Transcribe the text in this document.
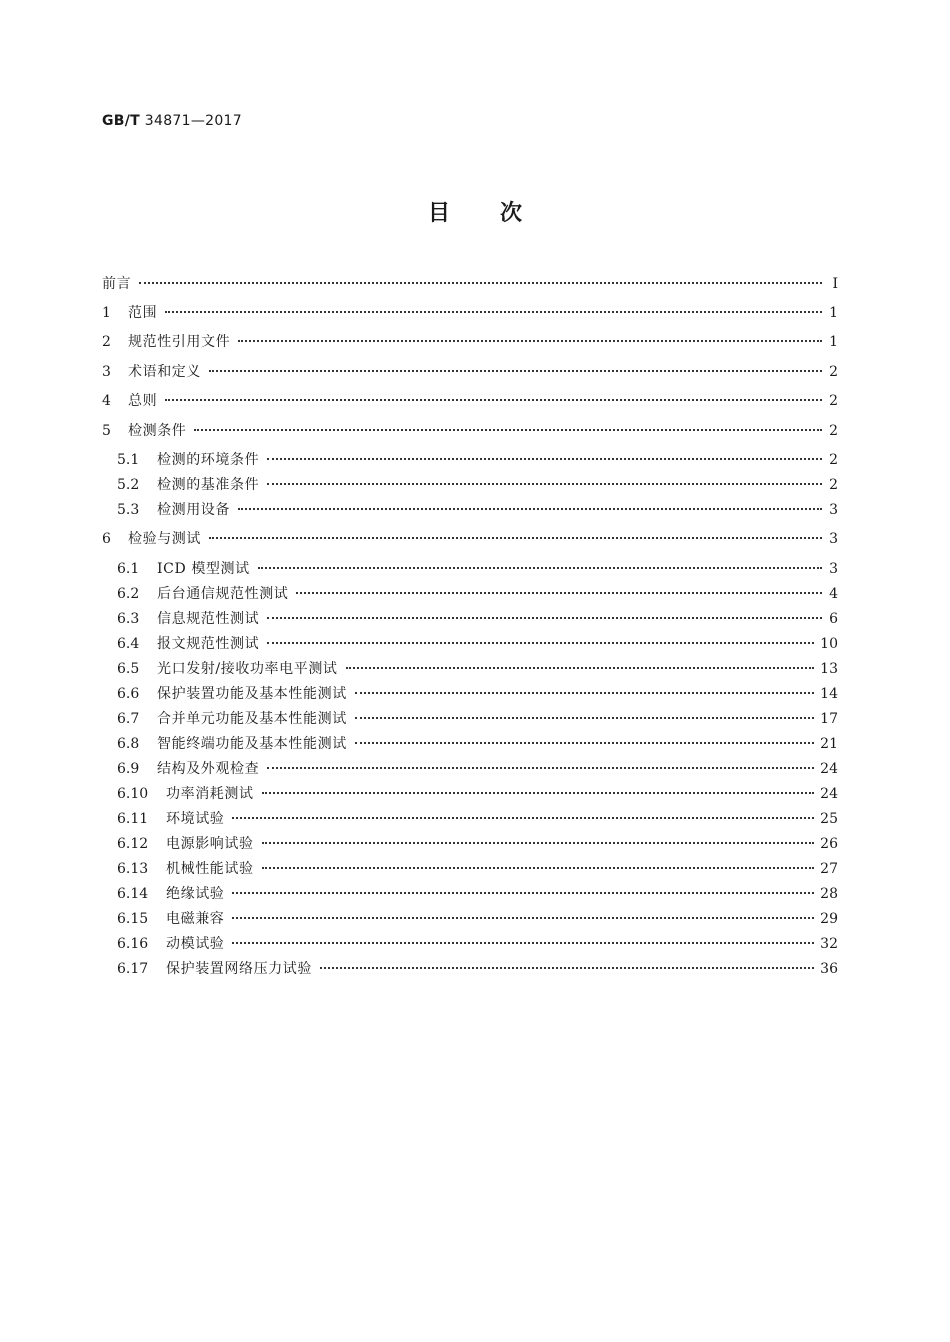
GB/T 34871—2017
目次
前言	Ⅰ
1	范围	1
2	规范性引用文件	1
3	术语和定义	2
4	总则	2
5	检测条件	2
5.1	检测的环境条件	2
5.2	检测的基准条件	2
5.3	检测用设备	3
6	检验与测试	3
6.1	ICD 模型测试	3
6.2	后台通信规范性测试	4
6.3	信息规范性测试	6
6.4	报文规范性测试	10
6.5	光口发射/接收功率电平测试	13
6.6	保护装置功能及基本性能测试	14
6.7	合并单元功能及基本性能测试	17
6.8	智能终端功能及基本性能测试	21
6.9	结构及外观检查	24
6.10	功率消耗测试	24
6.11	环境试验	25
6.12	电源影响试验	26
6.13	机械性能试验	27
6.14	绝缘试验	28
6.15	电磁兼容	29
6.16	动模试验	32
6.17	保护装置网络压力试验	36
